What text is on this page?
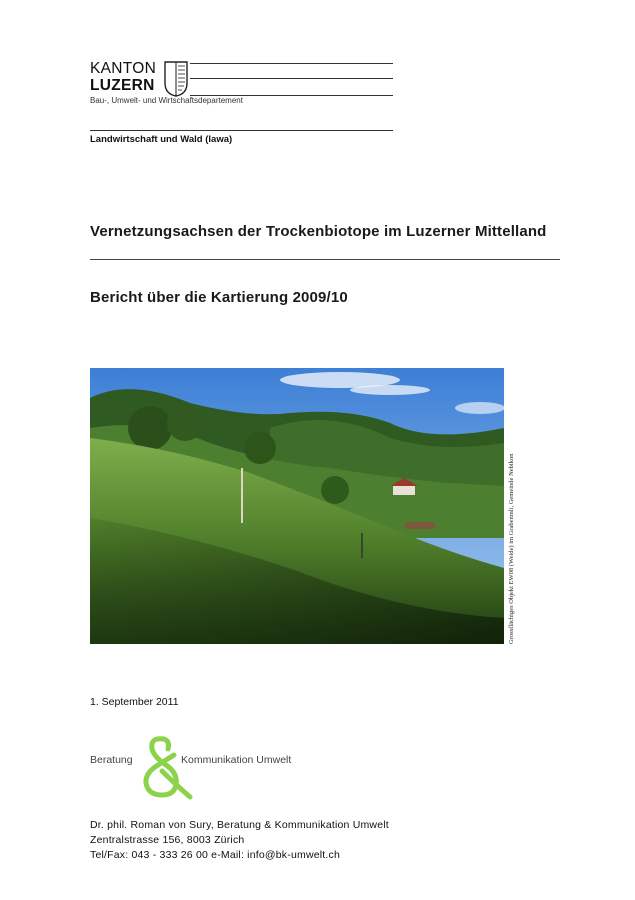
KANTON
LUZERN
Bau-, Umwelt- und Wirtschaftsdepartement
Landwirtschaft und Wald (lawa)
Vernetzungsachsen der Trockenbiotope im Luzerner Mittelland
Bericht über die Kartierung 2009/10
Grossflächiges Objekt EW08 (Weide) im Grabenmli, Gemeinde Nebikon
1. September 2011
Beratung	Kommunikation Umwelt
Dr. phil. Roman von Sury, Beratung & Kommunikation Umwelt
Zentralstrasse 156, 8003 Zürich
Tel/Fax: 043 - 333 26 00 e-Mail: info@bk-umwelt.ch
